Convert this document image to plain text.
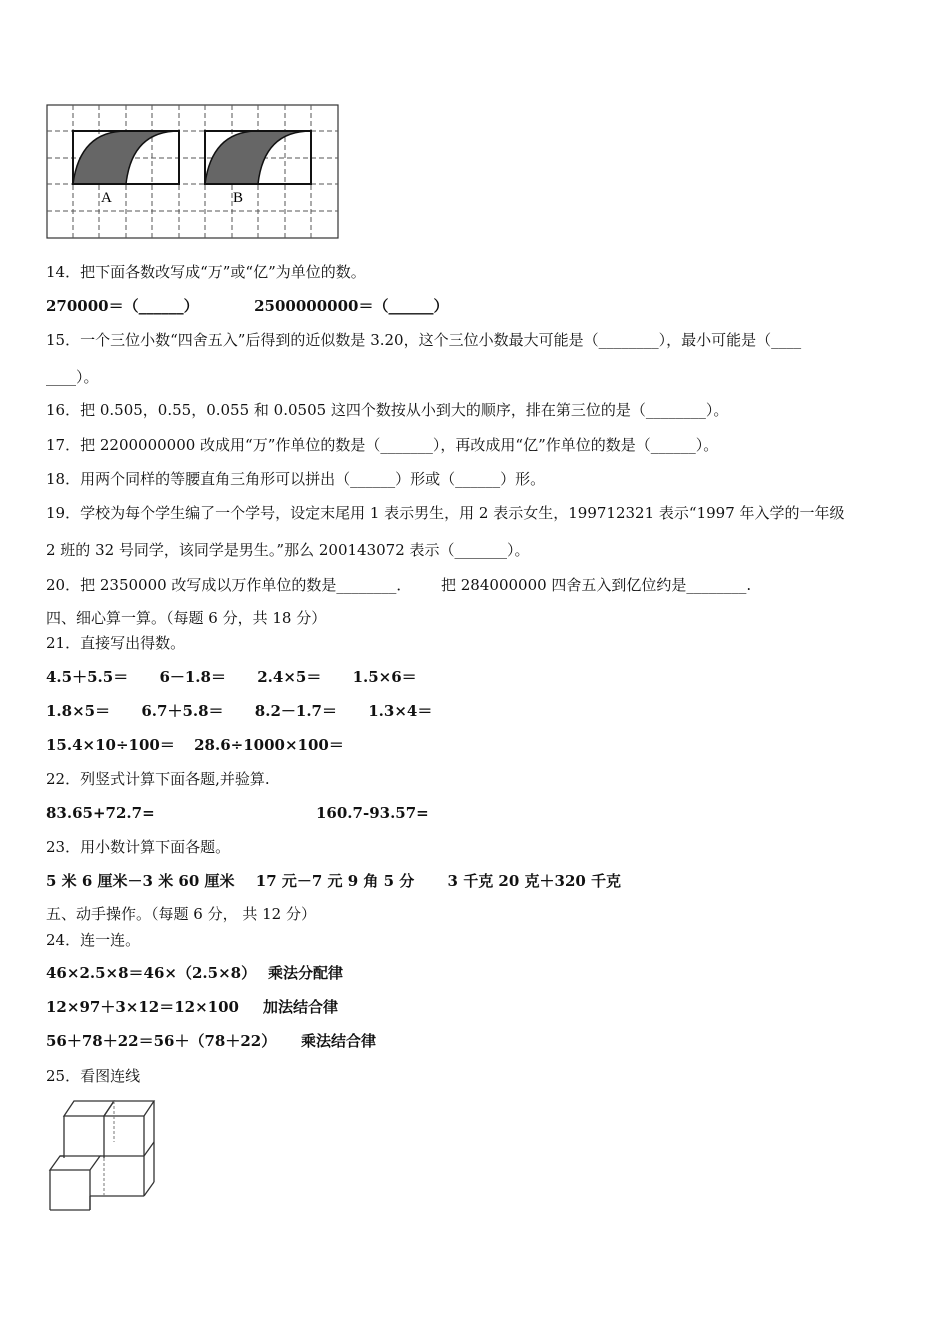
A	B
14．把下面各数改写成“万”或“亿”为单位的数。
270000＝（______）	2500000000＝（______）
15．一个三位小数“四舍五入”后得到的近似数是 3.20，这个三位小数最大可能是（________），最小可能是（____
____）。
16．把 0.505，0.55，0.055 和 0.0505 这四个数按从小到大的顺序，排在第三位的是（________）。
17．把 2200000000 改成用“万”作单位的数是（_______），再改成用“亿”作单位的数是（______）。
18．用两个同样的等腰直角三角形可以拼出（______）形或（______）形。
19．学校为每个学生编了一个学号，设定末尾用 1 表示男生，用 2 表示女生，199712321 表示“1997 年入学的一年级
2 班的 32 号同学，该同学是男生。”那么 200143072 表示（_______）。
20．把 2350000 改写成以万作单位的数是________． 把 284000000 四舍五入到亿位约是________.
四、细心算一算。（每题 6 分，共 18 分）
21．直接写出得数。
4.5＋5.5＝ 6－1.8＝ 2.4×5＝ 1.5×6＝
1.8×5＝ 6.7＋5.8＝ 8.2－1.7＝ 1.3×4＝
15.4×10÷100＝ 28.6÷1000×100＝
22．列竖式计算下面各题,并验算.
83.65+72.7=	160.7-93.57=
23．用小数计算下面各题。
5 米 6 厘米－3 米 60 厘米 17 元－7 元 9 角 5 分 3 千克 20 克＋320 千克
五、动手操作。（每题 6 分， 共 12 分）
24．连一连。
46×2.5×8＝46×（2.5×8） 乘法分配律
12×97＋3×12＝12×100 加法结合律
56＋78＋22＝56＋（78＋22） 乘法结合律
25．看图连线
